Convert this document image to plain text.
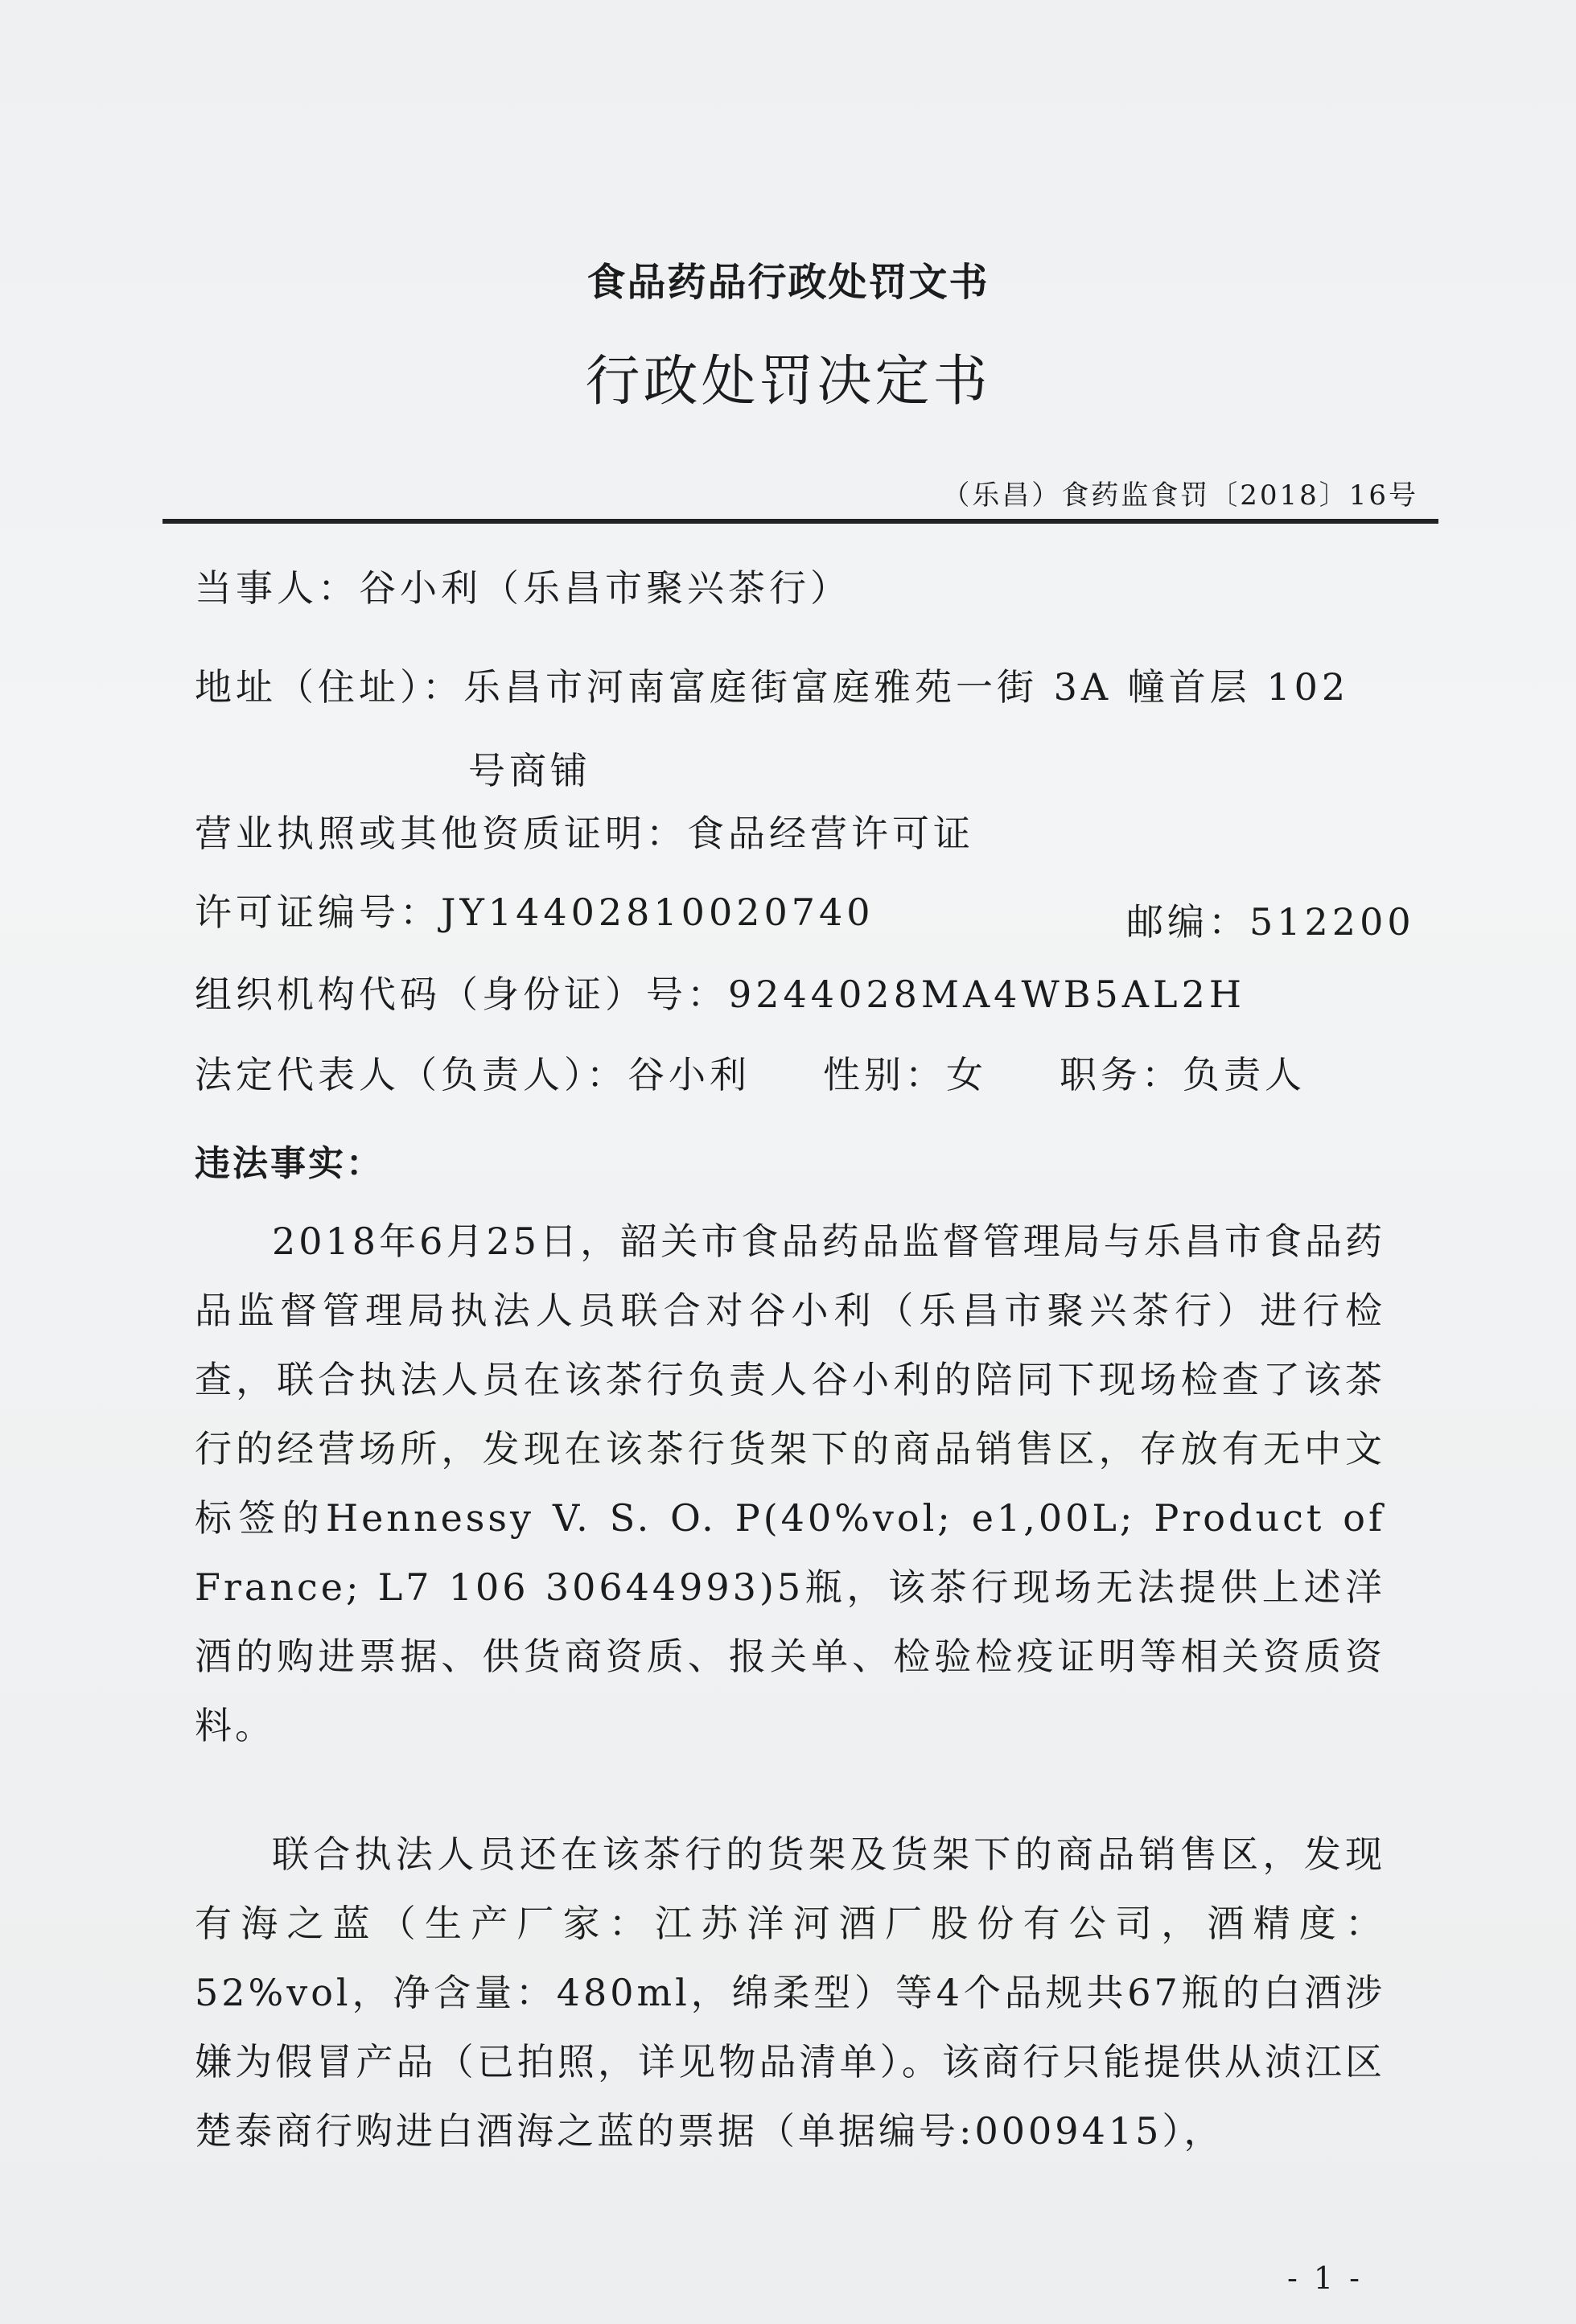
食品药品行政处罚文书
行政处罚决定书
（乐昌）食药监食罚〔2018〕16号
当事人：谷小利（乐昌市聚兴茶行）
地址（住址）：乐昌市河南富庭街富庭雅苑一街 3A 幢首层 102
号商铺
营业执照或其他资质证明：食品经营许可证
许可证编号：JY14402810020740	邮编：512200
组织机构代码（身份证）号：9244028MA4WB5AL2H
法定代表人（负责人）：谷小利 性别：女 职务：负责人
违法事实：
2018年6月25日，韶关市食品药品监督管理局与乐昌市食品药品监督管理局执法人员联合对谷小利（乐昌市聚兴茶行）进行检查，联合执法人员在该茶行负责人谷小利的陪同下现场检查了该茶行的经营场所，发现在该茶行货架下的商品销售区，存放有无中文标签的Hennessy V. S. O. P(40%vol; e1,00L; Product of France; L7 106 30644993)5瓶，该茶行现场无法提供上述洋酒的购进票据、供货商资质、报关单、检验检疫证明等相关资质资料。
联合执法人员还在该茶行的货架及货架下的商品销售区，发现有海之蓝（生产厂家：江苏洋河酒厂股份有公司，酒精度：52%vol，净含量：480ml，绵柔型）等4个品规共67瓶的白酒涉嫌为假冒产品（已拍照，详见物品清单）。该商行只能提供从浈江区楚泰商行购进白酒海之蓝的票据（单据编号:0009415），
- 1 -
